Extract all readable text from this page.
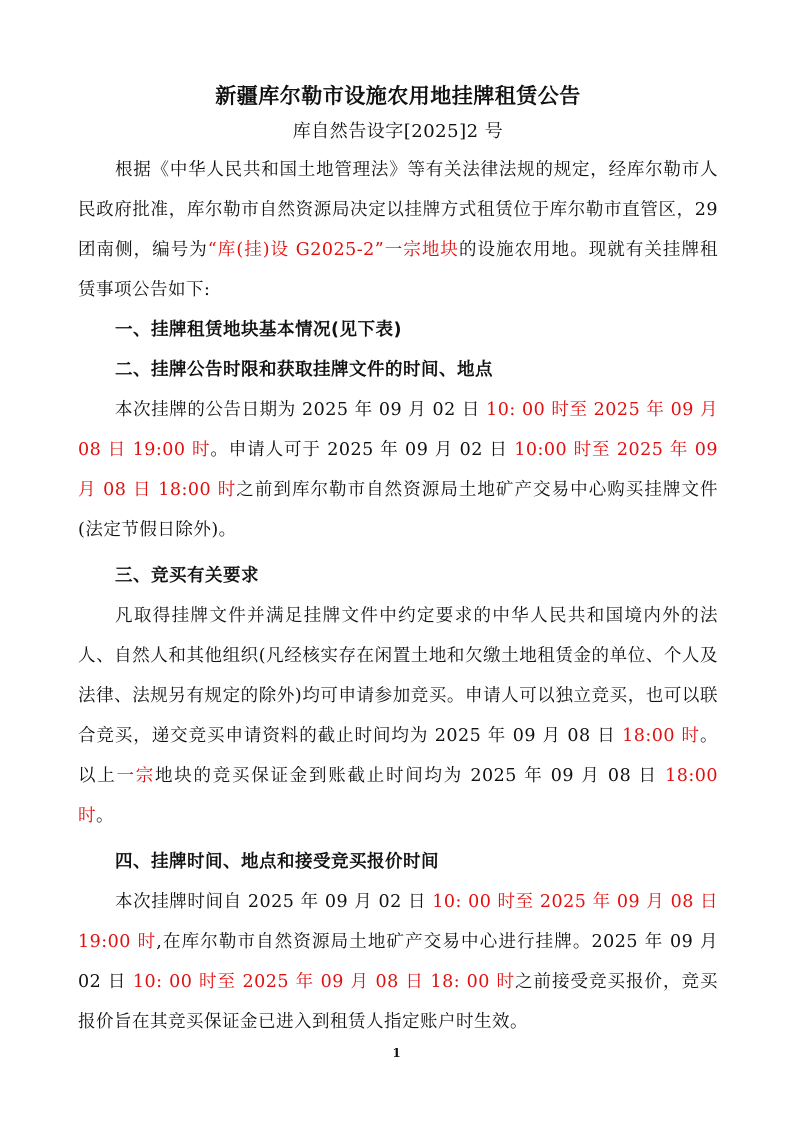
新疆库尔勒市设施农用地挂牌租赁公告

库自然告设字[2025]2 号

根据《中华人民共和国土地管理法》等有关法律法规的规定，经库尔勒市人民政府批准，库尔勒市自然资源局决定以挂牌方式租赁位于库尔勒市直管区，29 团南侧，编号为“库(挂)设 G2025-2”一宗地块的设施农用地。现就有关挂牌租赁事项公告如下:

一、挂牌租赁地块基本情况(见下表)

二、挂牌公告时限和获取挂牌文件的时间、地点

本次挂牌的公告日期为 2025 年 09 月 02 日 10: 00 时至 2025 年 09 月 08 日 19:00 时。申请人可于 2025 年 09 月 02 日 10:00 时至 2025 年 09 月 08 日 18:00 时之前到库尔勒市自然资源局土地矿产交易中心购买挂牌文件(法定节假日除外)。

三、竞买有关要求

凡取得挂牌文件并满足挂牌文件中约定要求的中华人民共和国境内外的法人、自然人和其他组织(凡经核实存在闲置土地和欠缴土地租赁金的单位、个人及法律、法规另有规定的除外)均可申请参加竞买。申请人可以独立竞买，也可以联合竞买，递交竞买申请资料的截止时间均为 2025 年 09 月 08 日 18:00 时。以上一宗地块的竞买保证金到账截止时间均为 2025 年 09 月 08 日 18:00 时。

四、挂牌时间、地点和接受竞买报价时间

本次挂牌时间自 2025 年 09 月 02 日 10: 00 时至 2025 年 09 月 08 日 19:00 时,在库尔勒市自然资源局土地矿产交易中心进行挂牌。2025 年 09 月 02 日 10: 00 时至 2025 年 09 月 08 日 18: 00 时之前接受竞买报价，竞买报价旨在其竞买保证金已进入到租赁人指定账户时生效。

1
